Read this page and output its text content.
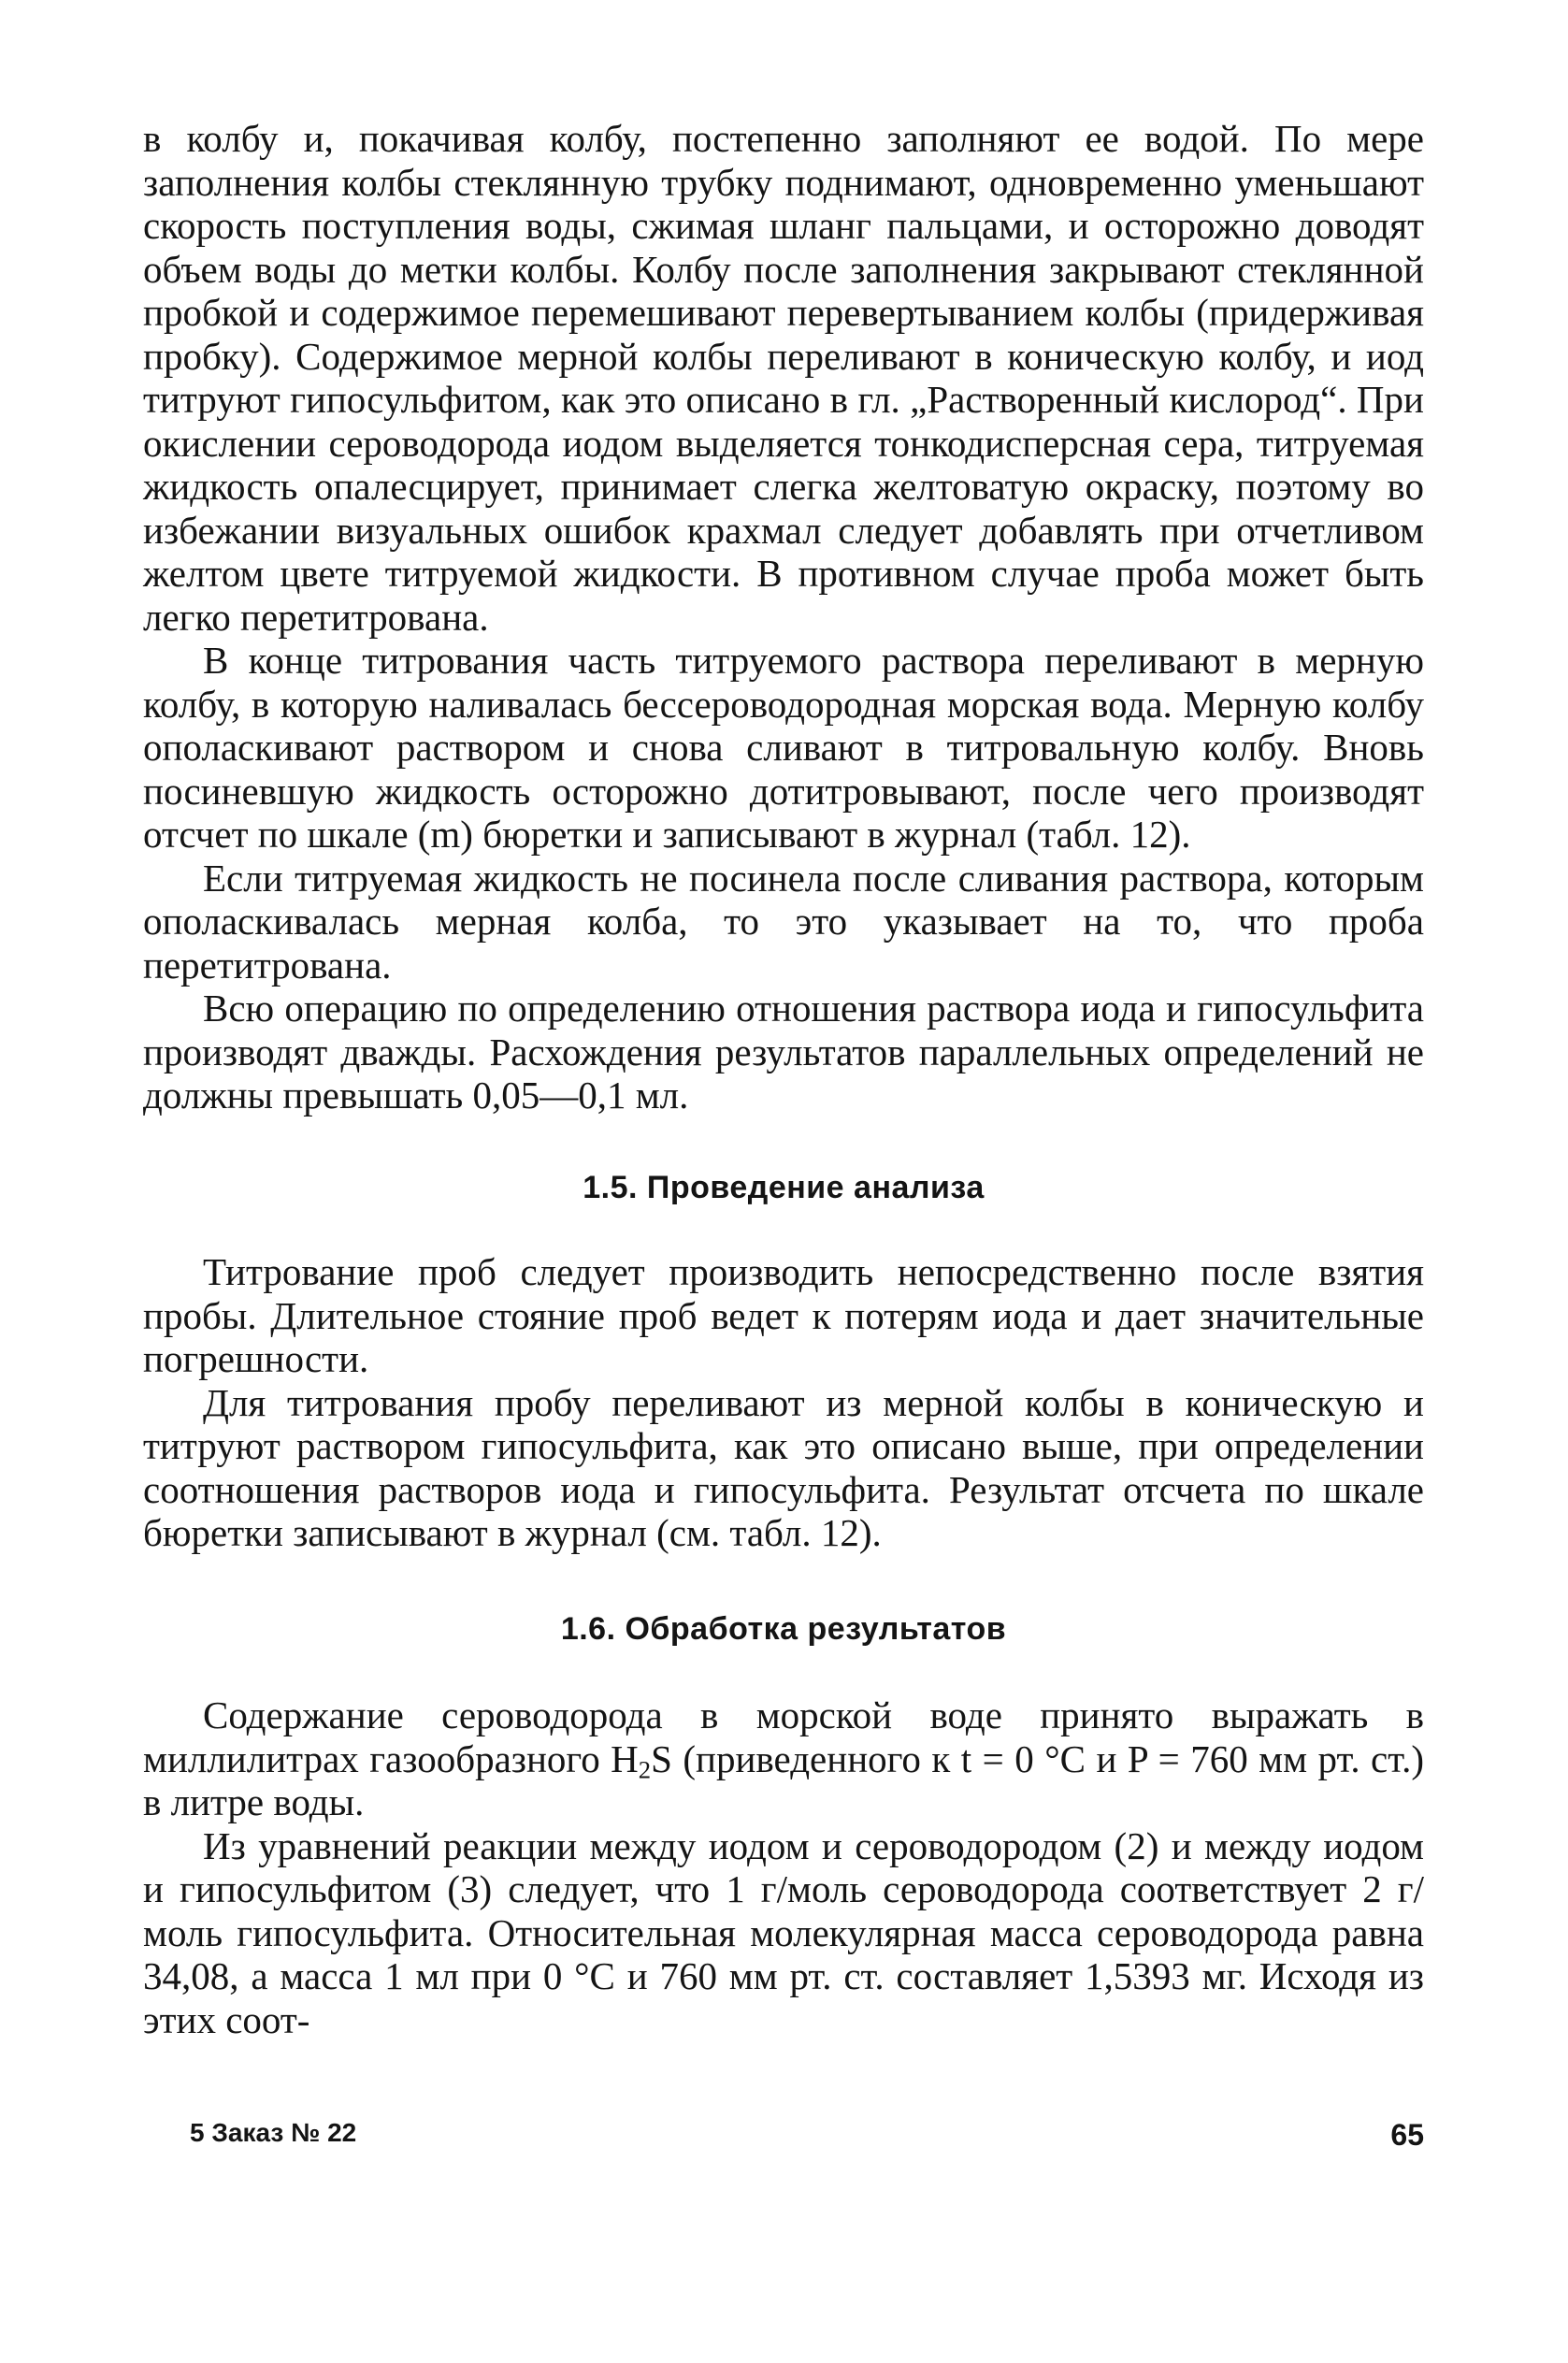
в колбу и, покачивая колбу, постепенно заполняют ее водой. По мере заполнения колбы стеклянную трубку поднимают, одновременно уменьшают скорость поступления воды, сжимая шланг пальцами, и осторожно доводят объем воды до метки колбы. Колбу после заполнения закрывают стеклянной пробкой и содержимое перемешивают перевертыванием колбы (придерживая пробку). Содержимое мерной колбы переливают в коническую колбу, и иод титруют гипосульфитом, как это описано в гл. „Растворенный кислород“. При окислении сероводорода иодом выделяется тонкодисперсная сера, титруемая жидкость опалесцирует, принимает слегка желтоватую окраску, поэтому во избежании визуальных ошибок крахмал следует добавлять при отчетливом желтом цвете титруемой жидкости. В противном случае проба может быть легко перетитрована.

В конце титрования часть титруемого раствора переливают в мерную колбу, в которую наливалась бессероводородная морская вода. Мерную колбу ополаскивают раствором и снова сливают в титровальную колбу. Вновь посиневшую жидкость осторожно дотитровывают, после чего производят отсчет по шкале (m) бюретки и записывают в журнал (табл. 12).

Если титруемая жидкость не посинела после сливания раствора, которым ополаскивалась мерная колба, то это указывает на то, что проба перетитрована.

Всю операцию по определению отношения раствора иода и гипосульфита производят дважды. Расхождения результатов параллельных определений не должны превышать 0,05—0,1 мл.

1.5. Проведение анализа

Титрование проб следует производить непосредственно после взятия пробы. Длительное стояние проб ведет к потерям иода и дает значительные погрешности.

Для титрования пробу переливают из мерной колбы в коническую и титруют раствором гипосульфита, как это описано выше, при определении соотношения растворов иода и гипосульфита. Результат отсчета по шкале бюретки записывают в журнал (см. табл. 12).

1.6. Обработка результатов

Содержание сероводорода в морской воде принято выражать в миллилитрах газообразного $H_2S$ (приведенного к t = 0 °C и P = 760 мм рт. ст.) в литре воды.

Из уравнений реакции между иодом и сероводородом (2) и между иодом и гипосульфитом (3) следует, что 1 г/моль сероводорода соответствует 2 г/моль гипосульфита. Относительная молекулярная масса сероводорода равна 34,08, а масса 1 мл при 0 °C и 760 мм рт. ст. составляет 1,5393 мг. Исходя из этих соот-

5 Заказ № 22	65
